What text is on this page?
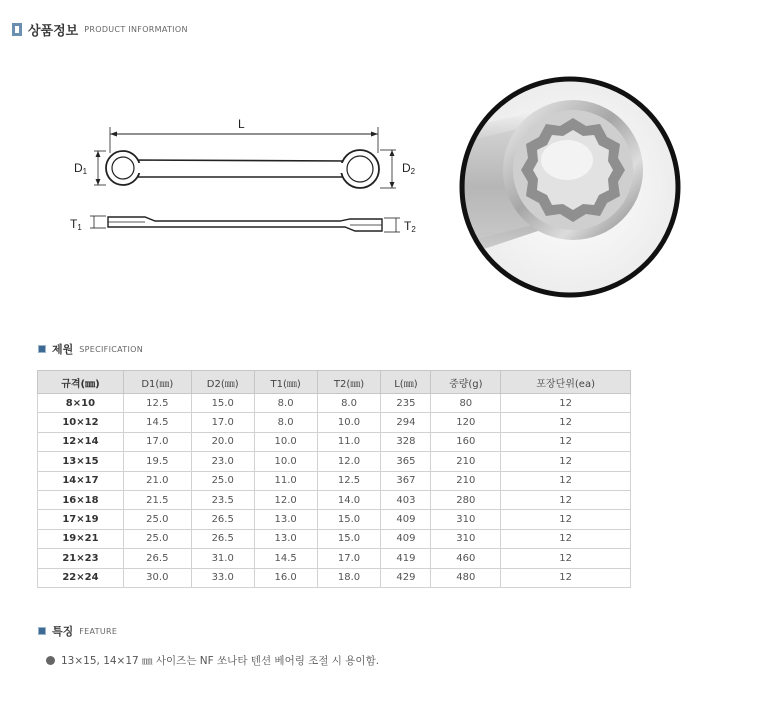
상품정보 PRODUCT INFORMATION
L
D1	D2
T1	T2
제원 SPECIFICATION
규격(㎜)	D1(㎜)	D2(㎜)	T1(㎜)	T2(㎜)	L(㎜)	중량(g)	포장단위(ea)
8×10	12.5	15.0	8.0	8.0	235	80	12
10×12	14.5	17.0	8.0	10.0	294	120	12
12×14	17.0	20.0	10.0	11.0	328	160	12
13×15	19.5	23.0	10.0	12.0	365	210	12
14×17	21.0	25.0	11.0	12.5	367	210	12
16×18	21.5	23.5	12.0	14.0	403	280	12
17×19	25.0	26.5	13.0	15.0	409	310	12
19×21	25.0	26.5	13.0	15.0	409	310	12
21×23	26.5	31.0	14.5	17.0	419	460	12
22×24	30.0	33.0	16.0	18.0	429	480	12
특징 FEATURE
13×15, 14×17 ㎜ 사이즈는 NF 쏘나타 텐션 베어링 조절 시 용이함.
